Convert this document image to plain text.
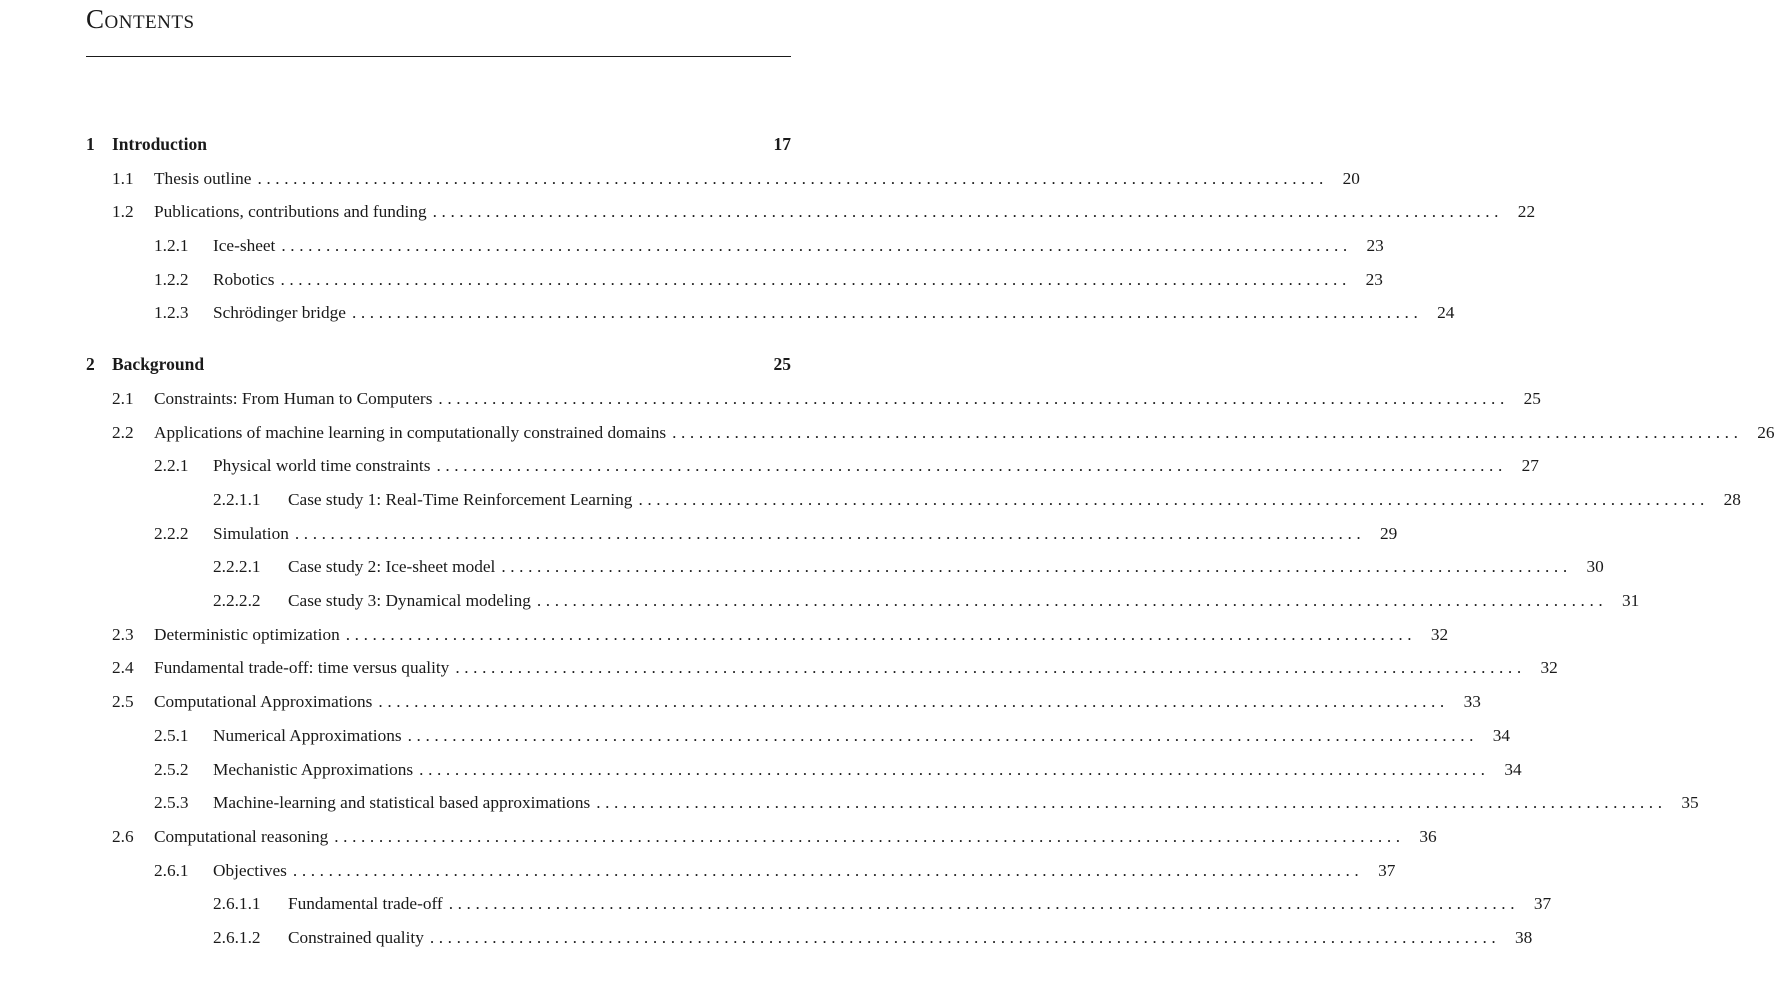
Contents
1 Introduction	17
1.1	Thesis outline ........................................................................................................................ 20
1.2	Publications, contributions and funding ........................................................................................................................ 22
1.2.1	Ice-sheet ........................................................................................................................ 23
1.2.2	Robotics ........................................................................................................................ 23
1.2.3	Schrödinger bridge ........................................................................................................................ 24
2 Background	25
2.1	Constraints: From Human to Computers ........................................................................................................................ 25
2.2	Applications of machine learning in computationally constrained domains ........................................................................................................................ 26
2.2.1	Physical world time constraints ........................................................................................................................ 27
2.2.1.1	Case study 1: Real-Time Reinforcement Learning ........................................................................................................................ 28
2.2.2	Simulation ........................................................................................................................ 29
2.2.2.1	Case study 2: Ice-sheet model ........................................................................................................................ 30
2.2.2.2	Case study 3: Dynamical modeling ........................................................................................................................ 31
2.3	Deterministic optimization ........................................................................................................................ 32
2.4	Fundamental trade-off: time versus quality ........................................................................................................................ 32
2.5	Computational Approximations ........................................................................................................................ 33
2.5.1	Numerical Approximations ........................................................................................................................ 34
2.5.2	Mechanistic Approximations ........................................................................................................................ 34
2.5.3	Machine-learning and statistical based approximations ........................................................................................................................ 35
2.6	Computational reasoning ........................................................................................................................ 36
2.6.1	Objectives ........................................................................................................................ 37
2.6.1.1	Fundamental trade-off ........................................................................................................................ 37
2.6.1.2	Constrained quality ........................................................................................................................ 38
